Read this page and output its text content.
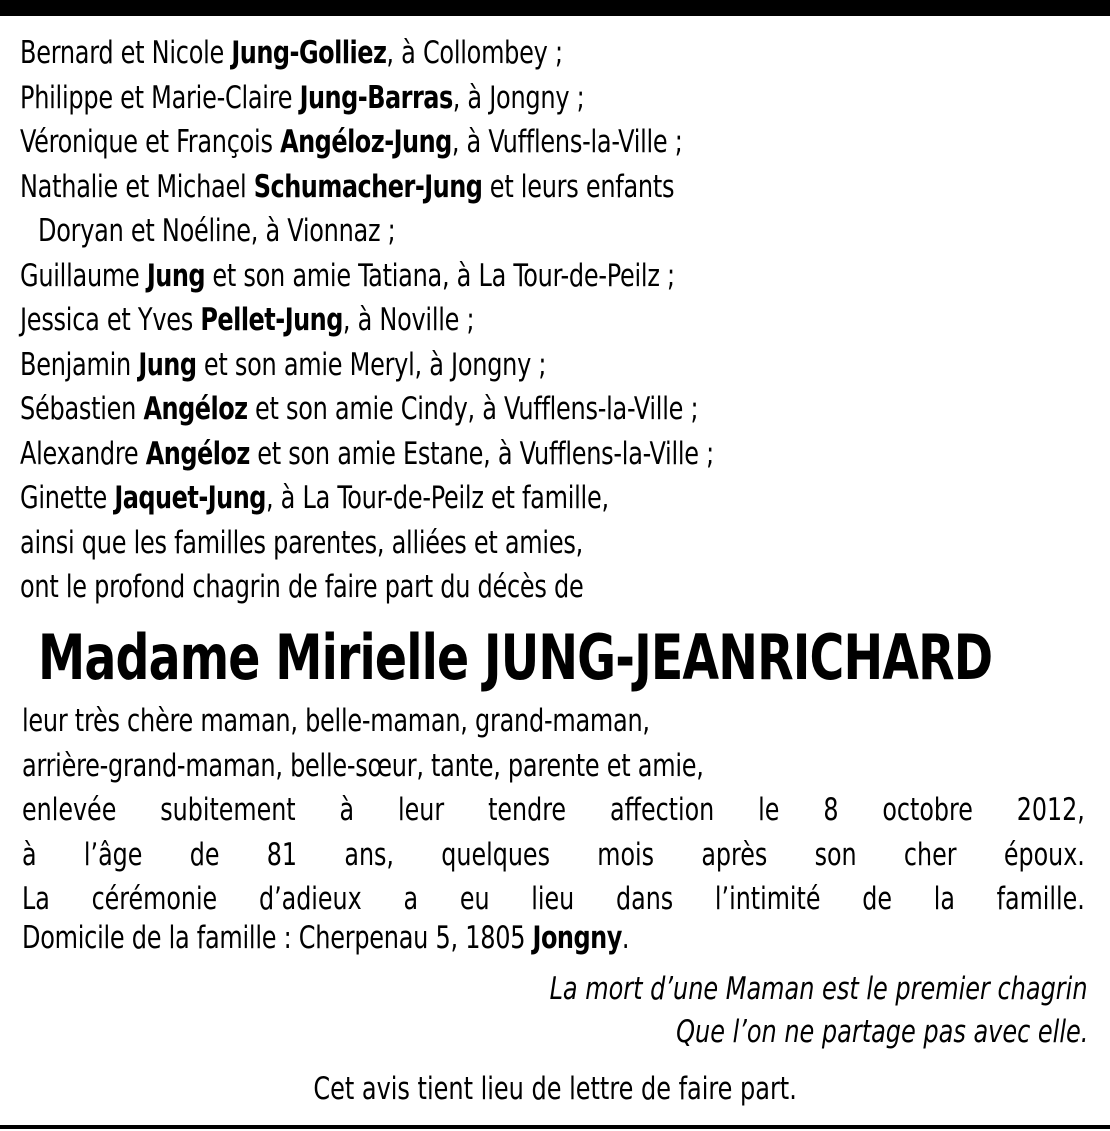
Bernard et Nicole Jung-Golliez, à Collombey ;
Philippe et Marie-Claire Jung-Barras, à Jongny ;
Véronique et François Angéloz-Jung, à Vufflens-la-Ville ;
Nathalie et Michael Schumacher-Jung et leurs enfants
Doryan et Noéline, à Vionnaz ;
Guillaume Jung et son amie Tatiana, à La Tour-de-Peilz ;
Jessica et Yves Pellet-Jung, à Noville ;
Benjamin Jung et son amie Meryl, à Jongny ;
Sébastien Angéloz et son amie Cindy, à Vufflens-la-Ville ;
Alexandre Angéloz et son amie Estane, à Vufflens-la-Ville ;
Ginette Jaquet-Jung, à La Tour-de-Peilz et famille,
ainsi que les familles parentes, alliées et amies,
ont le profond chagrin de faire part du décès de
Madame Mirielle JUNG-JEANRICHARD
leur très chère maman, belle-maman, grand-maman,
arrière-grand-maman, belle-sœur, tante, parente et amie,
enlevée subitement à leur tendre affection le 8 octobre 2012,
à l’âge de 81 ans, quelques mois après son cher époux.
La cérémonie d’adieux a eu lieu dans l’intimité de la famille.
Domicile de la famille : Cherpenau 5, 1805 Jongny.
La mort d’une Maman est le premier chagrin
Que l’on ne partage pas avec elle.
Cet avis tient lieu de lettre de faire part.
